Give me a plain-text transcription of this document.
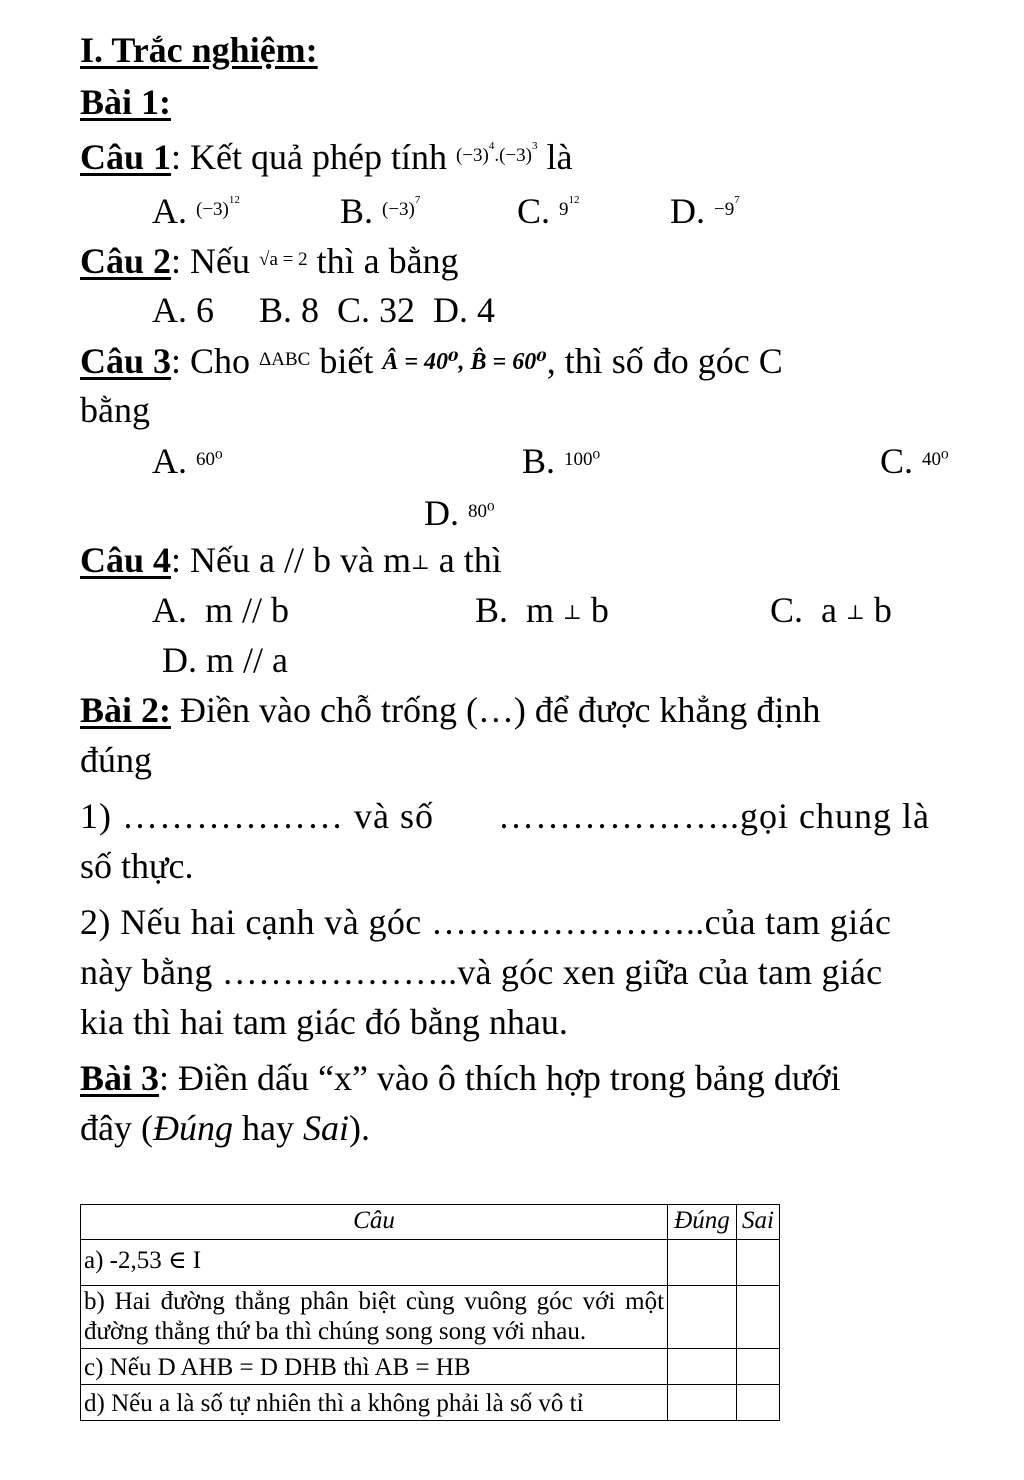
I. Trắc nghiệm:
Bài 1:
Câu 1: Kết quả phép tính $^{(-3)^4.(-3)^3}$ là
A. $^{(-3)^{12}}$	B. $^{(-3)^7}$	C. $^{9^{12}}$	D. $^{-9^7}$
Câu 2: Nếu $^{√a = 2}$ thì a bằng
A. 6     B. 8  C. 32  D. 4
Câu 3: Cho $^{\Delta ABC}$ biết Â = 40⁰, B̂ = 60⁰, thì số đo góc C
bằng
A. $^{60^0}$	B. $^{100^0}$	C. $^{40^0}$
D. $^{80^0}$
Câu 4: Nếu a // b và m⊥ a thì
A.  m // b	B.  m ⊥ b	C.  a ⊥ b
D. m // a
Bài 2: Điền vào chỗ trống (…) để được khẳng định
đúng
1) ……………… và số ………………..gọi chung là
số thực.
2) Nếu hai cạnh và góc …………………..của tam giác
này bằng ………………..và góc xen giữa của tam giác
kia thì hai tam giác đó bằng nhau.
Bài 3: Điền dấu “x” vào ô thích hợp trong bảng dưới
đây (Đúng hay Sai).
Câu	Đúng	Sai
a) -2,53 ∈ I		
b) Hai đường thẳng phân biệt cùng vuông góc với một đường thẳng thứ ba thì chúng song song với nhau.		
c) Nếu D AHB = D DHB thì AB = HB		
d) Nếu a là số tự nhiên thì a không phải là số vô tỉ		
